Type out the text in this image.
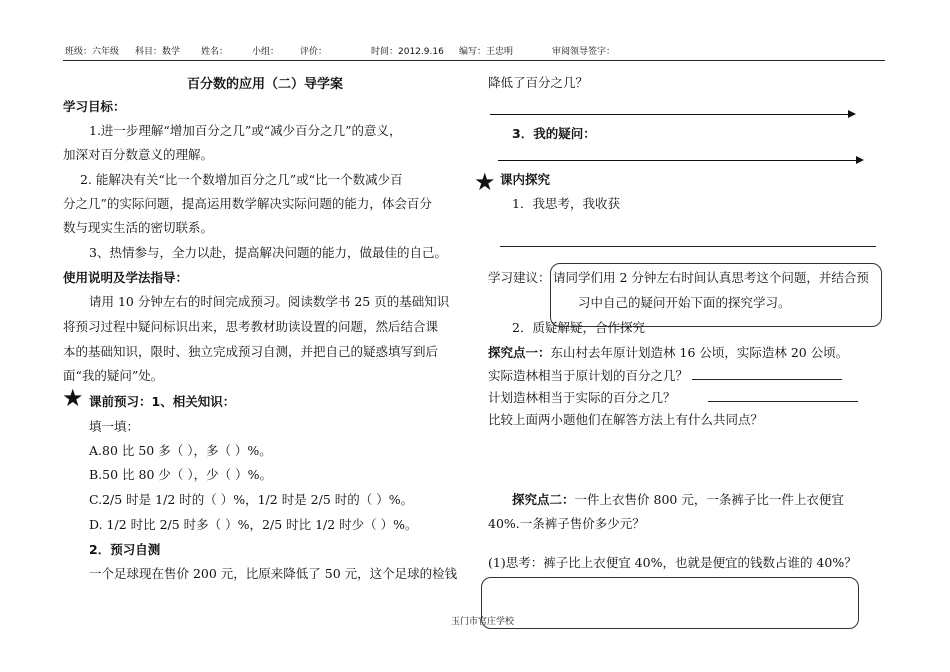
班级：六年级 科目：数学 姓名：	小组： 评价：	时间：2012.9.16 编写：王忠明	审阅领导签字：
百分数的应用（二）导学案
学习目标：
1.进一步理解“增加百分之几”或“减少百分之几”的意义，
加深对百分数意义的理解。
2. 能解决有关“比一个数增加百分之几”或“比一个数减少百
分之几”的实际问题，提高运用数学解决实际问题的能力，体会百分
数与现实生活的密切联系。
3、热情参与，全力以赴，提高解决问题的能力，做最佳的自己。
使用说明及学法指导：
请用 10 分钟左右的时间完成预习。阅读数学书 25 页的基础知识
将预习过程中疑问标识出来，思考教材助读设置的问题，然后结合课
本的基础知识，限时、独立完成预习自测，并把自己的疑惑填写到后
面“我的疑问”处。
★ 课前预习：1、相关知识：
填一填：
A.80 比 50 多（ ），多（ ）%。
B.50 比 80 少（ ），少（ ）%。
C.2/5 时是 1/2 时的（ ）%，1/2 时是 2/5 时的（ ）%。
D. 1/2 时比 2/5 时多（ ）%，2/5 时比 1/2 时少（ ）%。
2．预习自测
一个足球现在售价 200 元，比原来降低了 50 元，这个足球的检钱
降低了百分之几？
3．我的疑问：
★ 课内探究
1．我思考，我收获
学习建议： 请同学们用 2 分钟左右时间认真思考这个问题，并结合预
习中自己的疑问开始下面的探究学习。
2．质疑解疑，合作探究
探究点一：东山村去年原计划造林 16 公顷，实际造林 20 公顷。
实际造林相当于原计划的百分之几？
计划造林相当于实际的百分之几？
比较上面两小题他们在解答方法上有什么共同点？
探究点二：一件上衣售价 800 元，一条裤子比一件上衣便宜
40%.一条裤子售价多少元？
(1)思考：裤子比上衣便宜 40%，也就是便宜的钱数占谁的 40%？
玉门市官庄学校
